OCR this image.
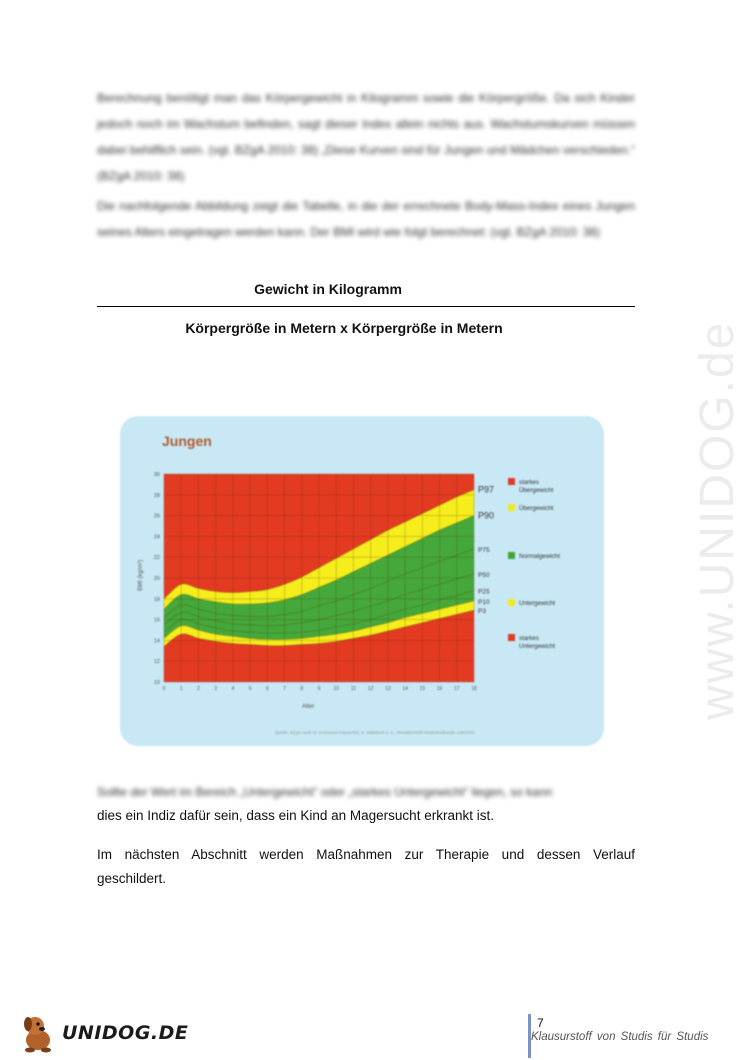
Berechnung benötigt man das Körpergewicht in Kilogramm sowie die Körpergröße. Da sich Kinder jedoch noch im Wachstum befinden, sagt dieser Index allein nichts aus. Wachstumskurven müssen dabei behilflich sein. (vgl. BZgA 2010: 38) „Diese Kurven sind für Jungen und Mädchen verschieden.“ (BZgA 2010: 38)
Die nachfolgende Abbildung zeigt die Tabelle, in die der errechnete Body-Mass-Index eines Jungen seines Alters eingetragen werden kann. Der BMI wird wie folgt berechnet: (vgl. BZgA 2010: 38)
Gewicht in Kilogramm
Körpergröße in Metern x Körpergröße in Metern
Jungen
10
12
14
16
18
20
22
24
26
28
30
0	1	2	3	4	5	6	7	8	9	10 11 12 13 14 15 16 17 18
P97
P90
P75
P50
P25
P10
P3
BMI (kg/m²)
Alter
Quelle: BZgA nach M. Kromeyer-Hauschild, K. Wabitsch u. a., Monatsschrift Kinderheilkunde 149/2001
starkes Übergewicht
Übergewicht
Normalgewicht
Untergewicht
starkes Untergewicht
Sollte der Wert im Bereich „Untergewicht“ oder „starkes Untergewicht“ liegen, so kann
dies ein Indiz dafür sein, dass ein Kind an Magersucht erkrankt ist.
Im nächsten Abschnitt werden Maßnahmen zur Therapie und dessen Verlauf geschildert.
www.UNIDOG.de
UNIDOG.DE	7
Klausurstoff von Studis für Studis
